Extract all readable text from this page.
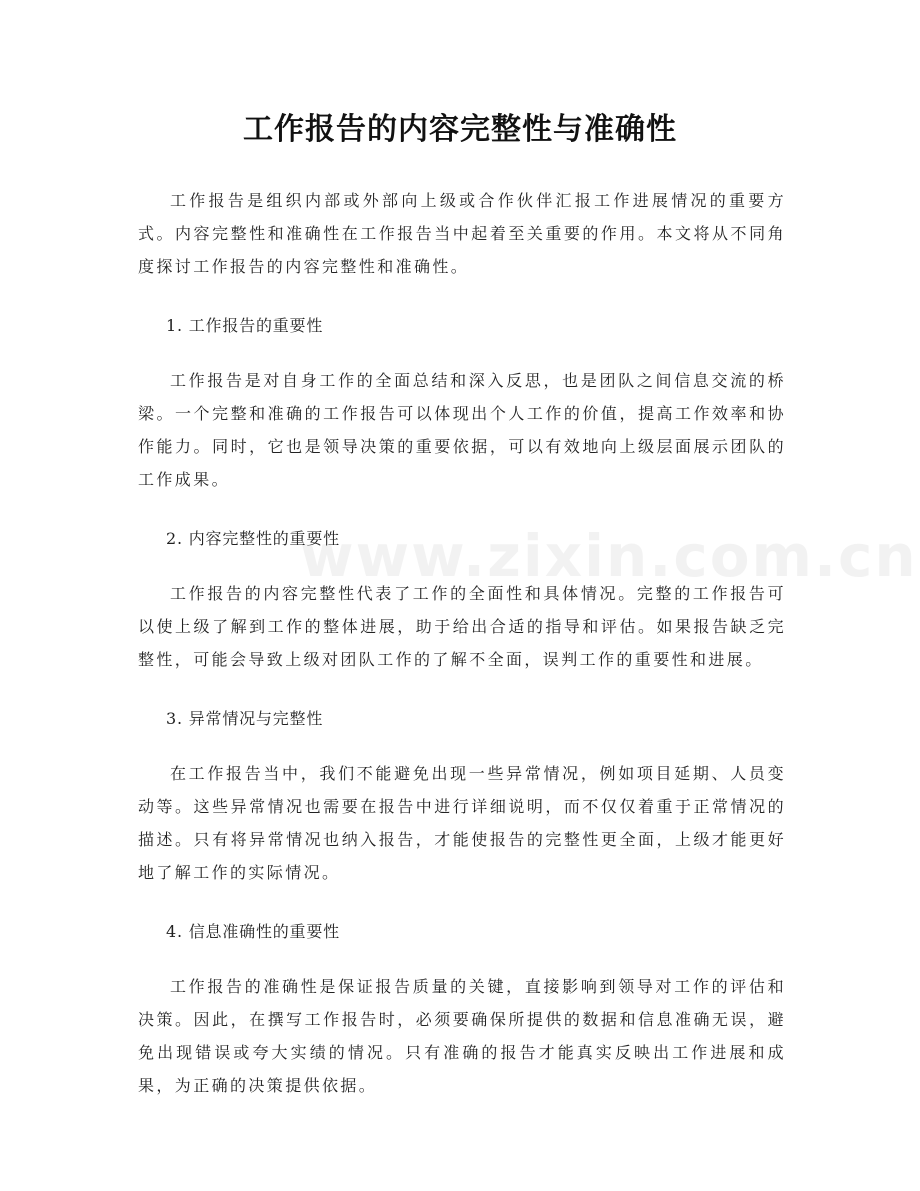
www.zixin.com.cn
工作报告的内容完整性与准确性

工作报告是组织内部或外部向上级或合作伙伴汇报工作进展情况的重要方式。内容完整性和准确性在工作报告当中起着至关重要的作用。本文将从不同角度探讨工作报告的内容完整性和准确性。

1. 工作报告的重要性

工作报告是对自身工作的全面总结和深入反思，也是团队之间信息交流的桥梁。一个完整和准确的工作报告可以体现出个人工作的价值，提高工作效率和协作能力。同时，它也是领导决策的重要依据，可以有效地向上级层面展示团队的工作成果。

2. 内容完整性的重要性

工作报告的内容完整性代表了工作的全面性和具体情况。完整的工作报告可以使上级了解到工作的整体进展，助于给出合适的指导和评估。如果报告缺乏完整性，可能会导致上级对团队工作的了解不全面，误判工作的重要性和进展。

3. 异常情况与完整性

在工作报告当中，我们不能避免出现一些异常情况，例如项目延期、人员变动等。这些异常情况也需要在报告中进行详细说明，而不仅仅着重于正常情况的描述。只有将异常情况也纳入报告，才能使报告的完整性更全面，上级才能更好地了解工作的实际情况。

4. 信息准确性的重要性

工作报告的准确性是保证报告质量的关键，直接影响到领导对工作的评估和决策。因此，在撰写工作报告时，必须要确保所提供的数据和信息准确无误，避免出现错误或夸大实绩的情况。只有准确的报告才能真实反映出工作进展和成果，为正确的决策提供依据。
